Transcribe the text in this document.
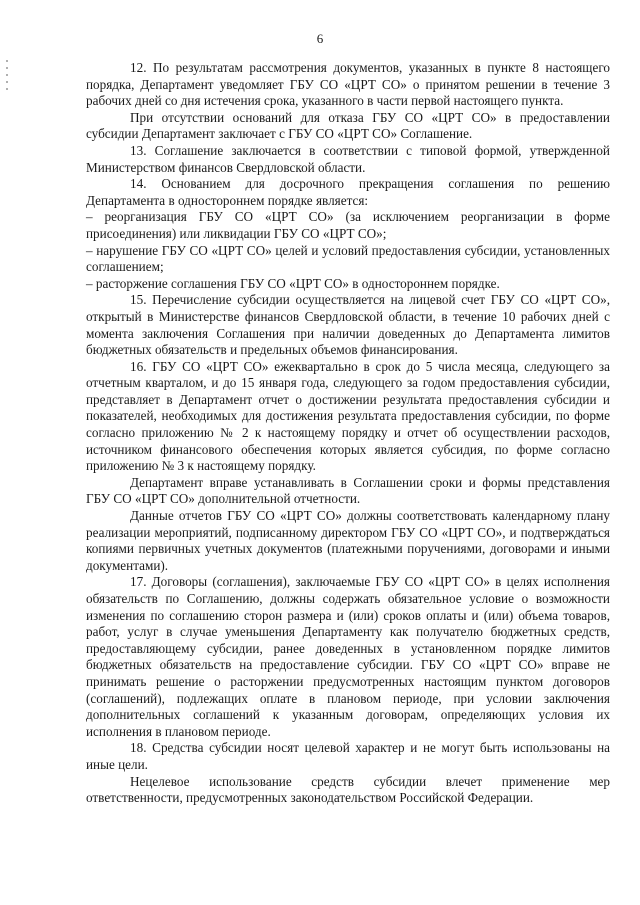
6

12. По результатам рассмотрения документов, указанных в пункте 8 настоящего порядка, Департамент уведомляет ГБУ СО «ЦРТ СО» о принятом решении в течение 3 рабочих дней со дня истечения срока, указанного в части первой настоящего пункта.

При отсутствии оснований для отказа ГБУ СО «ЦРТ СО» в предоставлении субсидии Департамент заключает с ГБУ СО «ЦРТ СО» Соглашение.

13. Соглашение заключается в соответствии с типовой формой, утвержденной Министерством финансов Свердловской области.

14. Основанием для досрочного прекращения соглашения по решению Департамента в одностороннем порядке является:

– реорганизация ГБУ СО «ЦРТ СО» (за исключением реорганизации в форме присоединения) или ликвидации ГБУ СО «ЦРТ СО»;

– нарушение ГБУ СО «ЦРТ СО» целей и условий предоставления субсидии, установленных соглашением;

– расторжение соглашения ГБУ СО «ЦРТ СО» в одностороннем порядке.

15. Перечисление субсидии осуществляется на лицевой счет ГБУ СО «ЦРТ СО», открытый в Министерстве финансов Свердловской области, в течение 10 рабочих дней с момента заключения Соглашения при наличии доведенных до Департамента лимитов бюджетных обязательств и предельных объемов финансирования.

16. ГБУ СО «ЦРТ СО» ежеквартально в срок до 5 числа месяца, следующего за отчетным кварталом, и до 15 января года, следующего за годом предоставления субсидии, представляет в Департамент отчет о достижении результата предоставления субсидии и показателей, необходимых для достижения результата предоставления субсидии, по форме согласно приложению № 2 к настоящему порядку и отчет об осуществлении расходов, источником финансового обеспечения которых является субсидия, по форме согласно приложению № 3 к настоящему порядку.

Департамент вправе устанавливать в Соглашении сроки и формы представления ГБУ СО «ЦРТ СО» дополнительной отчетности.

Данные отчетов ГБУ СО «ЦРТ СО» должны соответствовать календарному плану реализации мероприятий, подписанному директором ГБУ СО «ЦРТ СО», и подтверждаться копиями первичных учетных документов (платежными поручениями, договорами и иными документами).

17. Договоры (соглашения), заключаемые ГБУ СО «ЦРТ СО» в целях исполнения обязательств по Соглашению, должны содержать обязательное условие о возможности изменения по соглашению сторон размера и (или) сроков оплаты и (или) объема товаров, работ, услуг в случае уменьшения Департаменту как получателю бюджетных средств, предоставляющему субсидии, ранее доведенных в установленном порядке лимитов бюджетных обязательств на предоставление субсидии. ГБУ СО «ЦРТ СО» вправе не принимать решение о расторжении предусмотренных настоящим пунктом договоров (соглашений), подлежащих оплате в плановом периоде, при условии заключения дополнительных соглашений к указанным договорам, определяющих условия их исполнения в плановом периоде.

18. Средства субсидии носят целевой характер и не могут быть использованы на иные цели.

Нецелевое использование средств субсидии влечет применение мер ответственности, предусмотренных законодательством Российской Федерации.
